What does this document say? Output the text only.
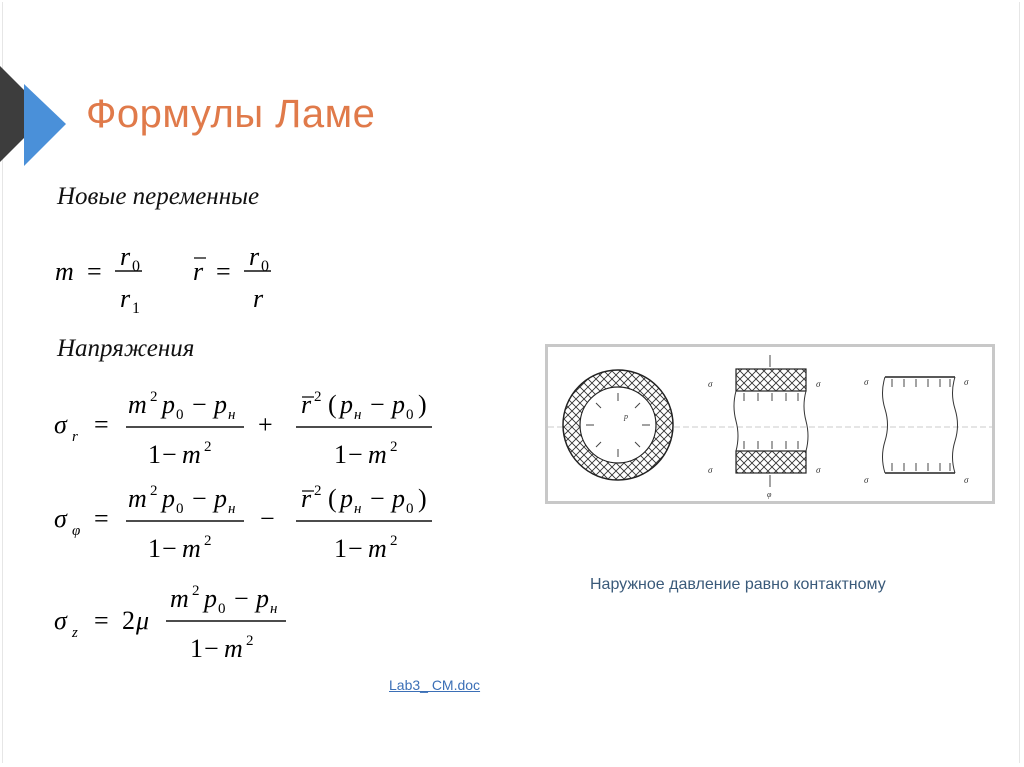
Формулы Ламе
Новые переменные
m =
r 0
r 1
r =
r 0
r
Напряжения
σ r =
m 2 p 0 − p н
1 − m 2
+
r 2 ( p н − p 0 )
1 − m 2
σ φ =
m 2 p 0 − p н
1 − m 2
−
r 2 ( p н − p 0 )
1 − m 2
σ z = 2 μ
m 2 p 0 − p н
1 − m 2
p
σ	σ
σ	σ
φ
σ	σ
σ	σ
Наружное давление равно контактному
Lab3_ CM.doc
